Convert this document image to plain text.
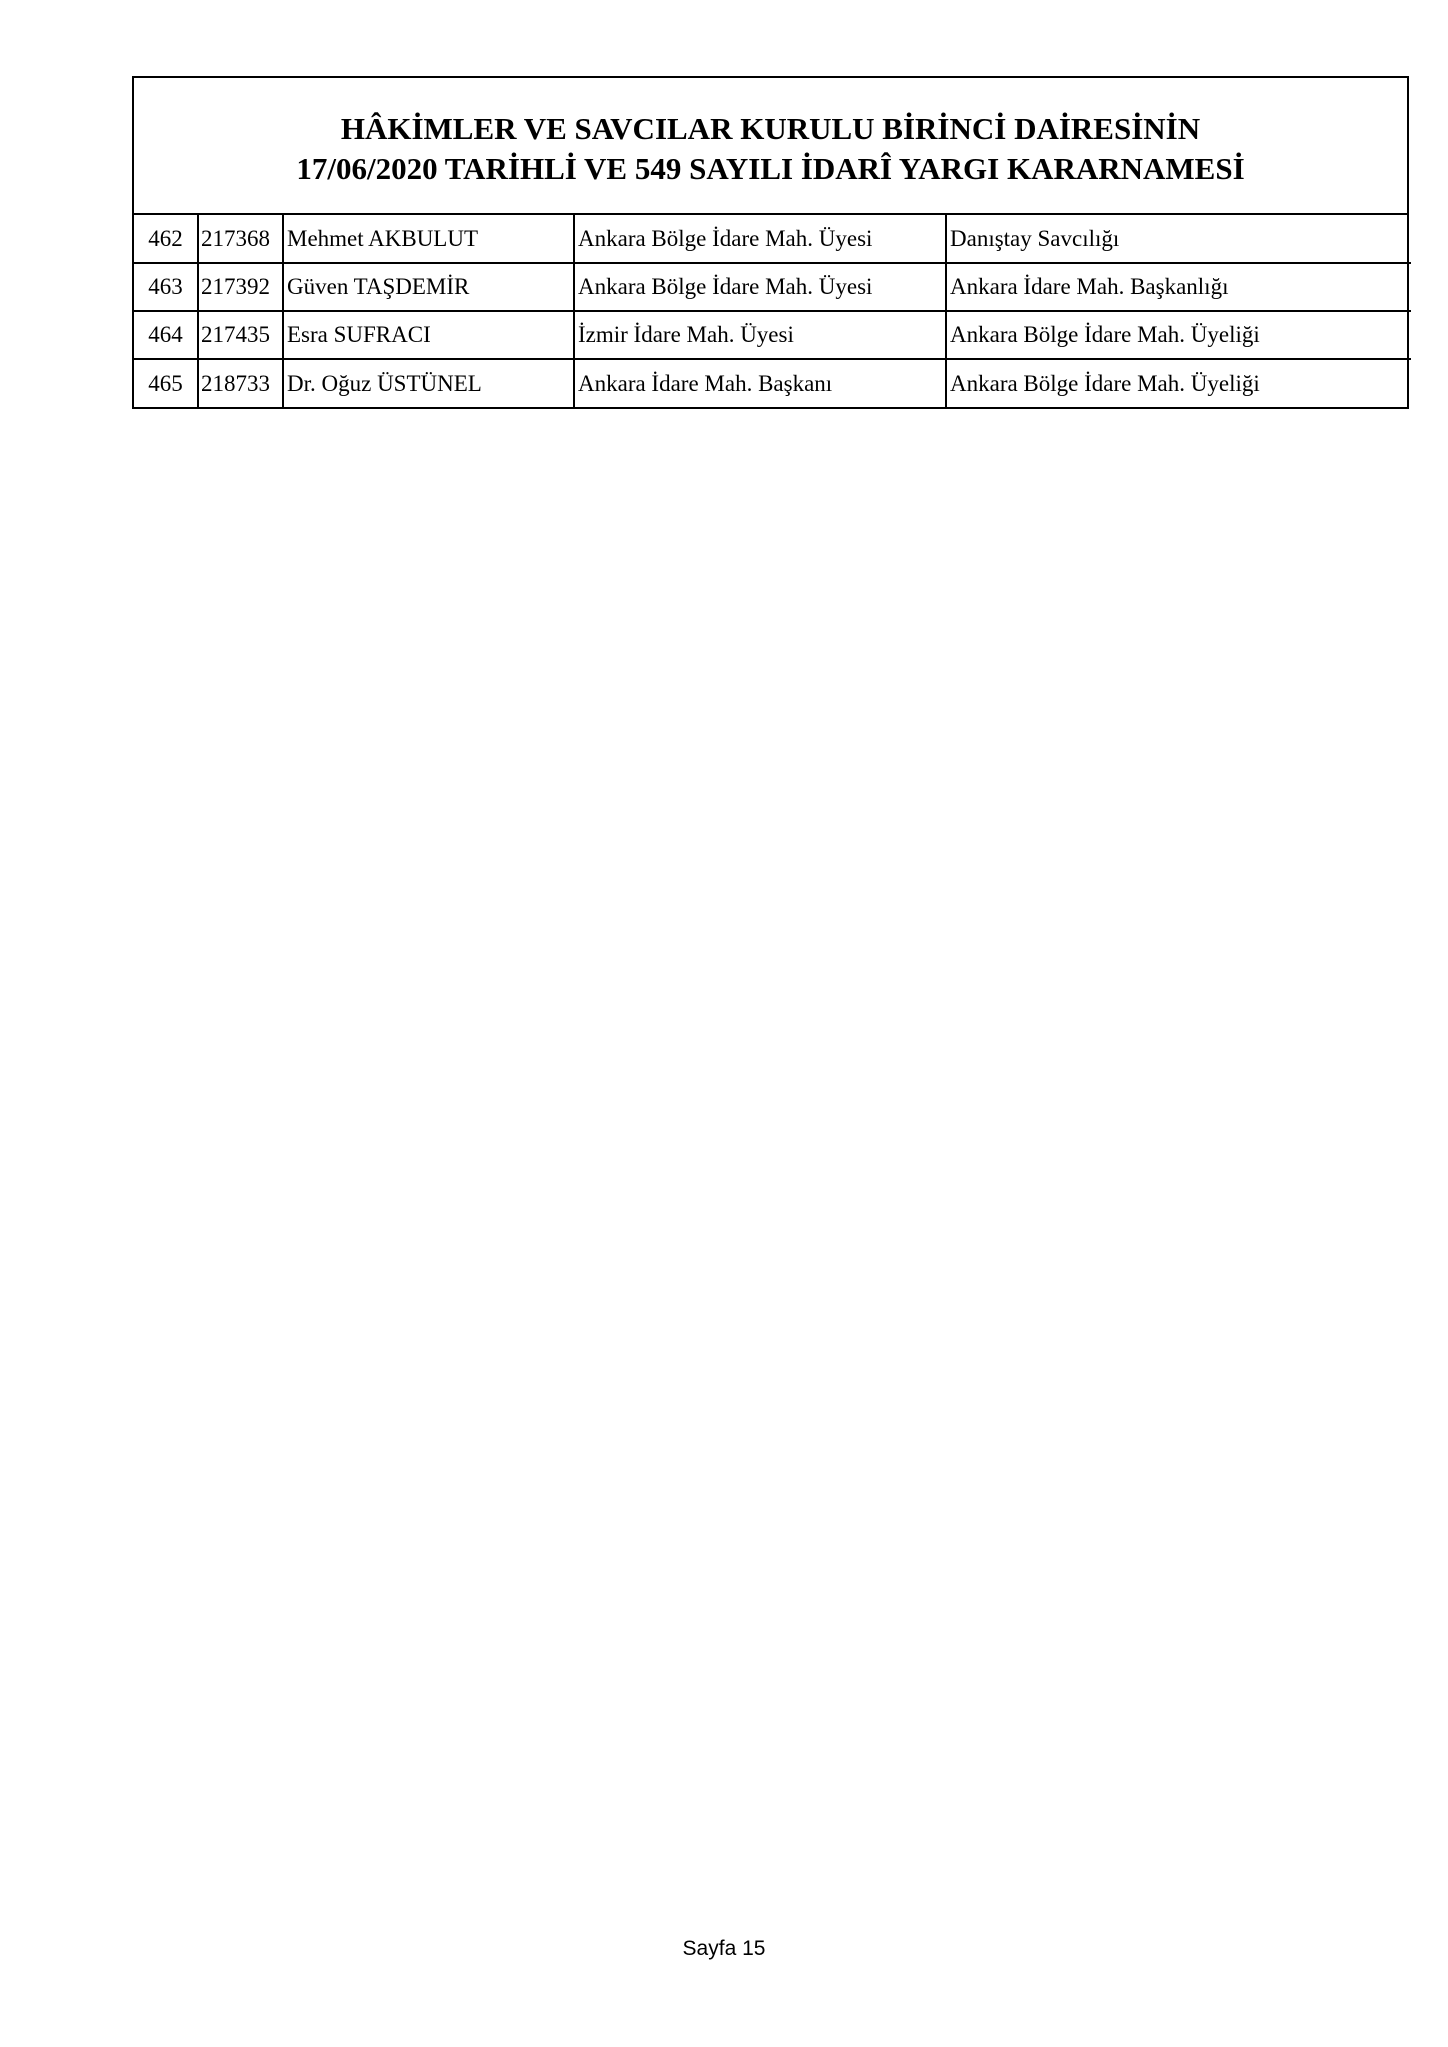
HÂKİMLER VE SAVCILAR KURULU BİRİNCİ DAİRESİNİN
17/06/2020 TARİHLİ VE 549 SAYILI İDARÎ YARGI KARARNAMESİ
462	217368	Mehmet AKBULUT	Ankara Bölge İdare Mah. Üyesi	Danıştay Savcılığı
463	217392	Güven TAŞDEMİR	Ankara Bölge İdare Mah. Üyesi	Ankara İdare Mah. Başkanlığı
464	217435	Esra SUFRACI	İzmir İdare Mah. Üyesi	Ankara Bölge İdare Mah. Üyeliği
465	218733	Dr. Oğuz ÜSTÜNEL	Ankara İdare Mah. Başkanı	Ankara Bölge İdare Mah. Üyeliği
Sayfa 15
